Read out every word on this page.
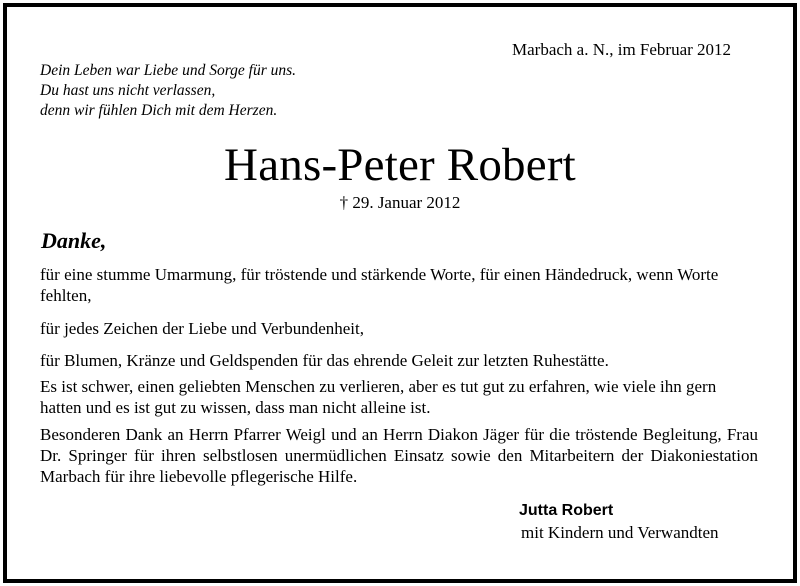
Marbach a. N., im Februar 2012
Dein Leben war Liebe und Sorge für uns.
Du hast uns nicht verlassen,
denn wir fühlen Dich mit dem Herzen.
Hans-Peter Robert
† 29. Januar 2012
Danke,
für eine stumme Umarmung, für tröstende und stärkende Worte, für einen Händedruck, wenn Worte fehlten,
für jedes Zeichen der Liebe und Verbundenheit,
für Blumen, Kränze und Geldspenden für das ehrende Geleit zur letzten Ruhestätte.
Es ist schwer, einen geliebten Menschen zu verlieren, aber es tut gut zu erfahren, wie viele ihn gern hatten und es ist gut zu wissen, dass man nicht alleine ist.
Besonderen Dank an Herrn Pfarrer Weigl und an Herrn Diakon Jäger für die tröstende Begleitung, Frau Dr. Springer für ihren selbstlosen unermüdlichen Einsatz sowie den Mitarbeitern der Diakoniestation Marbach für ihre liebevolle pflegerische Hilfe.
Jutta Robert
mit Kindern und Verwandten
